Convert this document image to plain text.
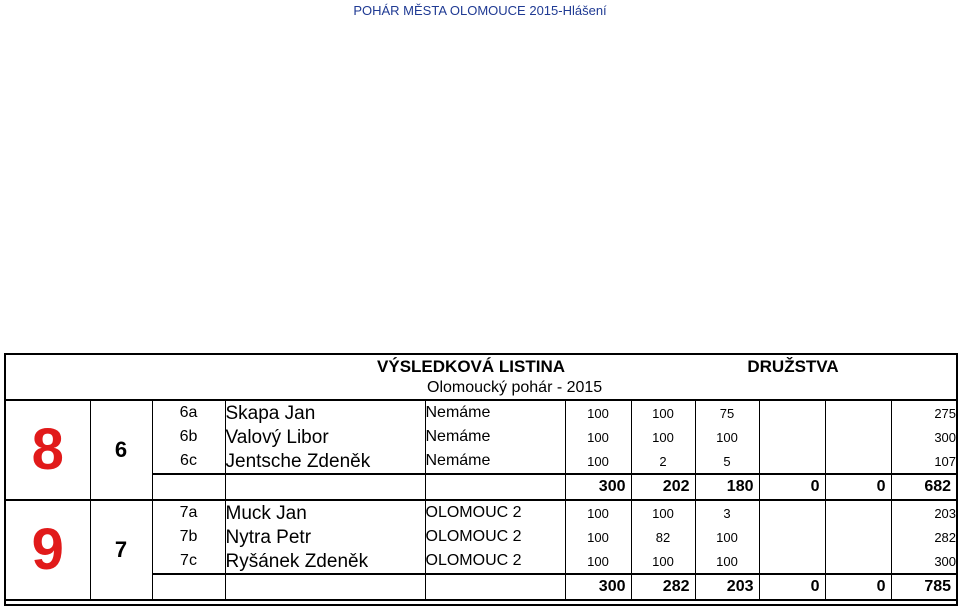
POHÁR MĚSTA OLOMOUCE 2015-Hlášení
		VÝSLEDKOVÁ LISTINA					DRUŽSTVA			
				Olomoucký pohár - 2015						
8	6	6a	Skapa Jan	Nemáme	100	100	75			275
		6b	Valový Libor	Nemáme	100	100	100			300
		6c	Jentsche Zdeněk	Nemáme	100	2	5			107
					300	202	180	0	0	682
9	7	7a	Muck Jan	OLOMOUC 2	100	100	3			203
		7b	Nytra Petr	OLOMOUC 2	100	82	100			282
		7c	Ryšánek Zdeněk	OLOMOUC 2	100	100	100			300
					300	282	203	0	0	785
